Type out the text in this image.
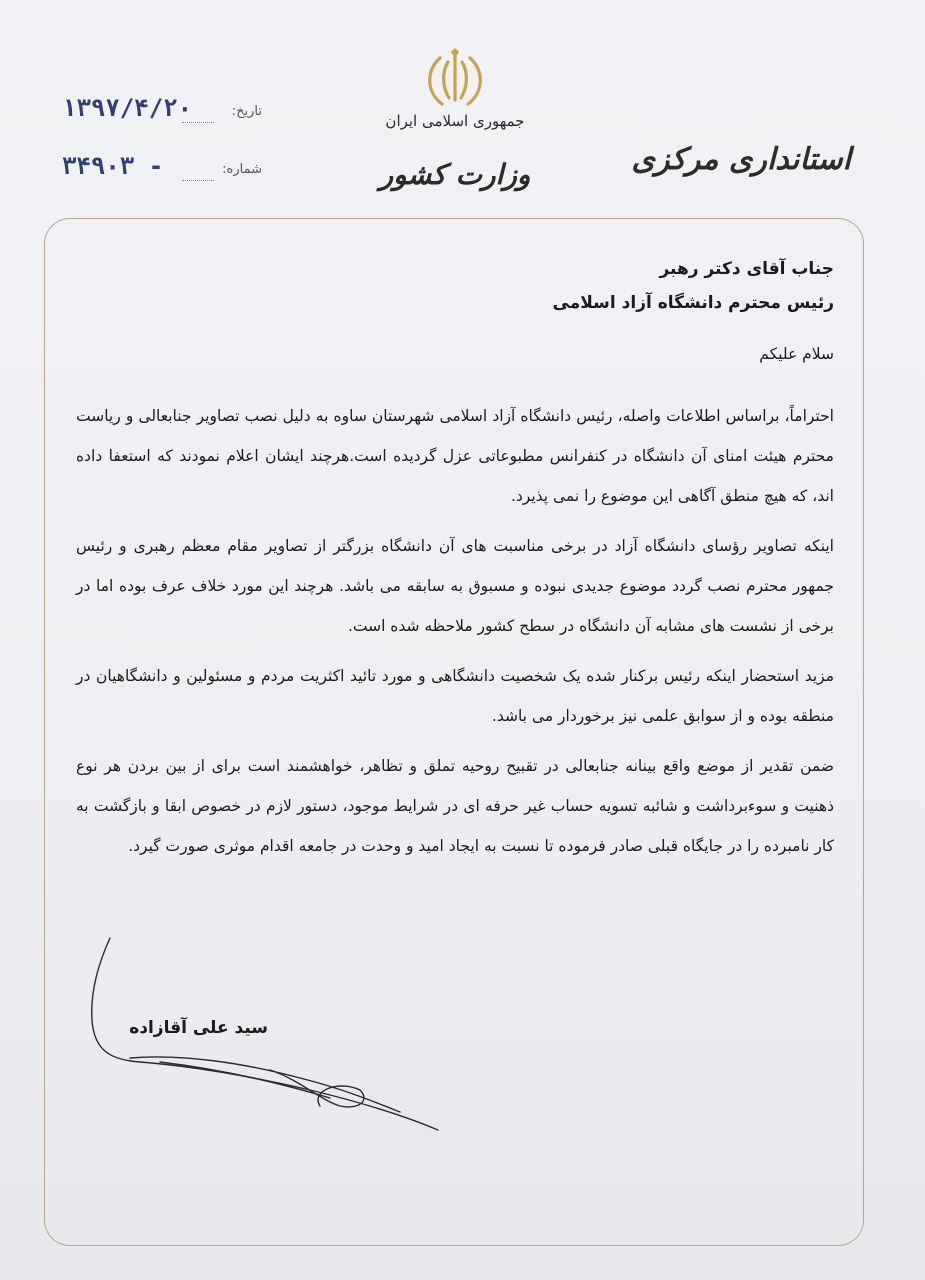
جمهوری اسلامی ایران
وزارت کشور	استانداری مرکزی
تاریخ:
۱۳۹۷/۴/۲۰
شماره:
۳۴۹۰۳ -

جناب آقای دکتر رهبر

رئیس محترم دانشگاه آزاد اسلامی

سلام علیکم

احتراماً، براساس اطلاعات واصله، رئیس دانشگاه آزاد اسلامی شهرستان ساوه به دلیل نصب تصاویر جنابعالی و ریاست محترم هیئت امنای آن دانشگاه در کنفرانس مطبوعاتی عزل گردیده است.هرچند ایشان اعلام نمودند که استعفا داده اند، که هیچ منطق آگاهی این موضوع را نمی پذیرد.

اینکه تصاویر رؤسای دانشگاه آزاد در برخی مناسبت های آن دانشگاه بزرگتر از تصاویر مقام معظم رهبری و رئیس جمهور محترم نصب گردد موضوع جدیدی نبوده و مسبوق به سابقه می باشد. هرچند این مورد خلاف عرف بوده اما در برخی از نشست های مشابه آن دانشگاه در سطح کشور ملاحظه شده است.

مزید استحضار اینکه رئیس برکنار شده یک شخصیت دانشگاهی و مورد تائید اکثریت مردم و مسئولین و دانشگاهیان در منطقه بوده و از سوابق علمی نیز برخوردار می باشد.

ضمن تقدیر از موضع واقع بینانه جنابعالی در تقبیح روحیه تملق و تظاهر، خواهشمند است برای از بین بردن هر نوع ذهنیت و سوءبرداشت و شائبه تسویه حساب غیر حرفه ای در شرایط موجود، دستور لازم در خصوص ابقا و بازگشت به کار نامبرده را در جایگاه قبلی صادر فرموده تا نسبت به ایجاد امید و وحدت در جامعه اقدام موثری صورت گیرد.

سید علی آقازاده
